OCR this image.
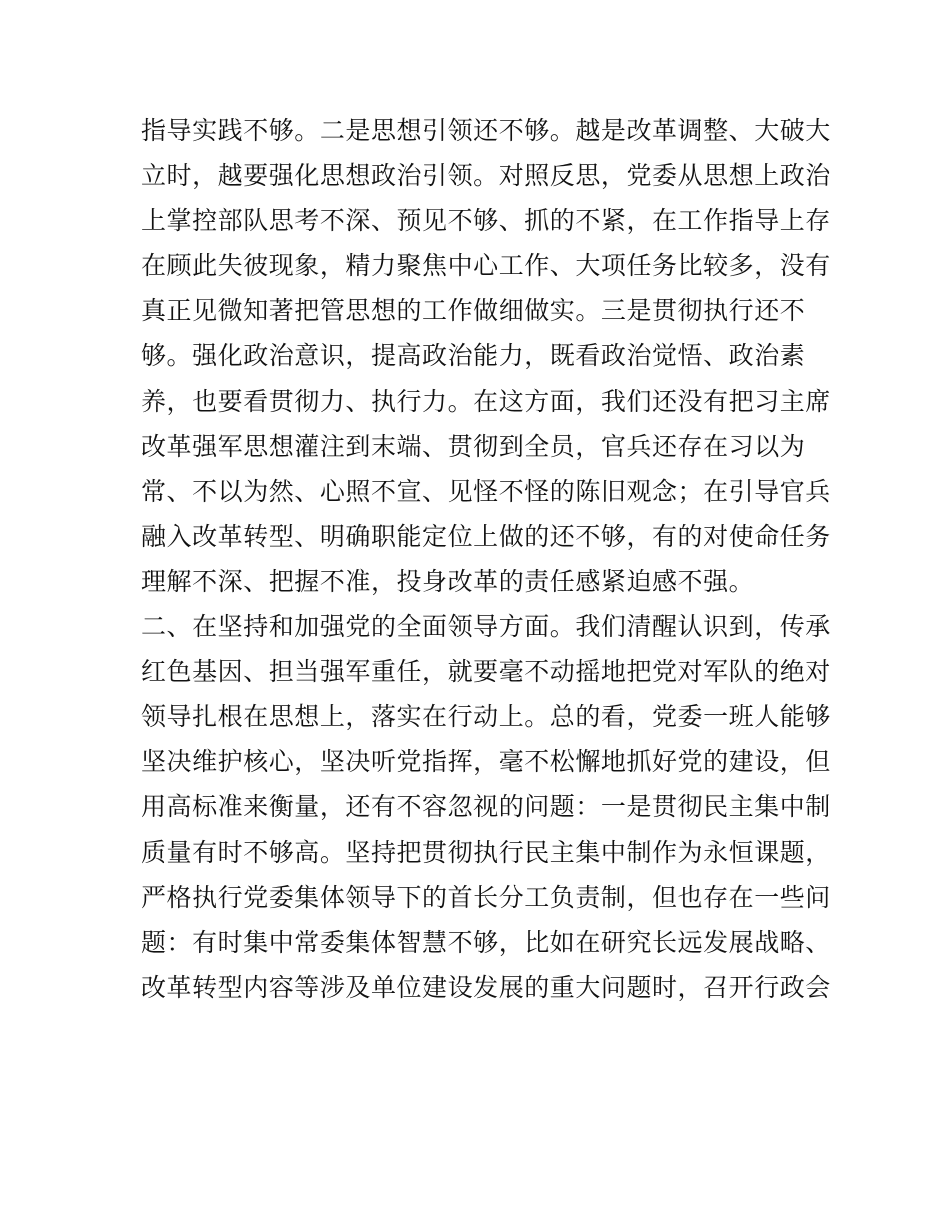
指导实践不够。二是思想引领还不够。越是改革调整、大破大
立时，越要强化思想政治引领。对照反思，党委从思想上政治
上掌控部队思考不深、预见不够、抓的不紧，在工作指导上存
在顾此失彼现象，精力聚焦中心工作、大项任务比较多，没有
真正见微知著把管思想的工作做细做实。三是贯彻执行还不
够。强化政治意识，提高政治能力，既看政治觉悟、政治素
养，也要看贯彻力、执行力。在这方面，我们还没有把习主席
改革强军思想灌注到末端、贯彻到全员，官兵还存在习以为
常、不以为然、心照不宣、见怪不怪的陈旧观念；在引导官兵
融入改革转型、明确职能定位上做的还不够，有的对使命任务
理解不深、把握不准，投身改革的责任感紧迫感不强。
二、在坚持和加强党的全面领导方面。我们清醒认识到，传承
红色基因、担当强军重任，就要毫不动摇地把党对军队的绝对
领导扎根在思想上，落实在行动上。总的看，党委一班人能够
坚决维护核心，坚决听党指挥，毫不松懈地抓好党的建设，但
用高标准来衡量，还有不容忽视的问题：一是贯彻民主集中制
质量有时不够高。坚持把贯彻执行民主集中制作为永恒课题，
严格执行党委集体领导下的首长分工负责制，但也存在一些问
题：有时集中常委集体智慧不够，比如在研究长远发展战略、
改革转型内容等涉及单位建设发展的重大问题时，召开行政会
